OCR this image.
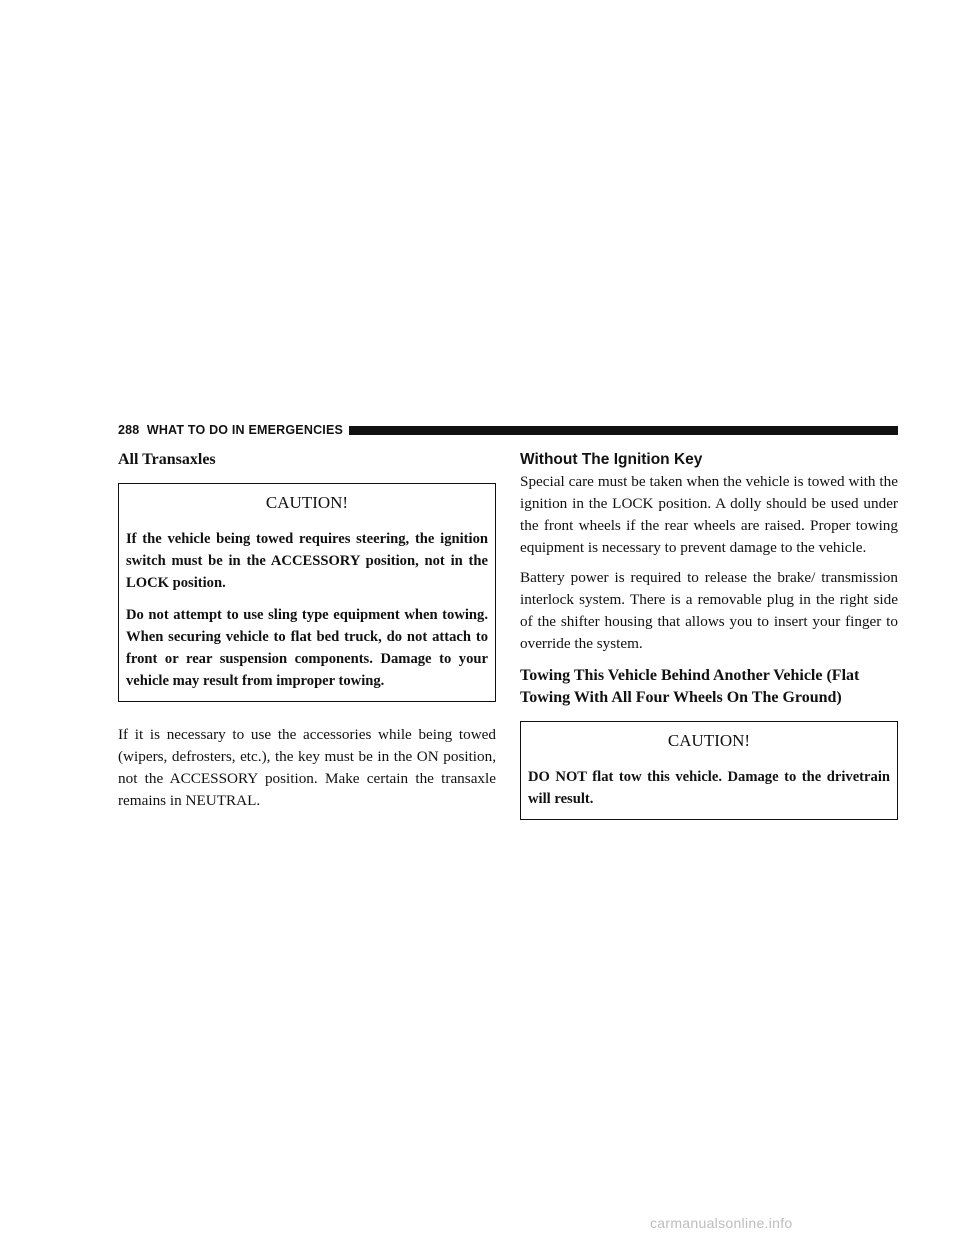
288 WHAT TO DO IN EMERGENCIES
All Transaxles
CAUTION!

If the vehicle being towed requires steering, the ignition switch must be in the ACCESSORY position, not in the LOCK position.

Do not attempt to use sling type equipment when towing. When securing vehicle to flat bed truck, do not attach to front or rear suspension components. Damage to your vehicle may result from improper towing.

If it is necessary to use the accessories while being towed (wipers, defrosters, etc.), the key must be in the ON position, not the ACCESSORY position. Make certain the transaxle remains in NEUTRAL.

Without The Ignition Key

Special care must be taken when the vehicle is towed with the ignition in the LOCK position. A dolly should be used under the front wheels if the rear wheels are raised. Proper towing equipment is necessary to prevent damage to the vehicle.

Battery power is required to release the brake/ transmission interlock system. There is a removable plug in the right side of the shifter housing that allows you to insert your finger to override the system.

Towing This Vehicle Behind Another Vehicle (Flat Towing With All Four Wheels On The Ground)
CAUTION!

DO NOT flat tow this vehicle. Damage to the drivetrain will result.

carmanualsonline.info
